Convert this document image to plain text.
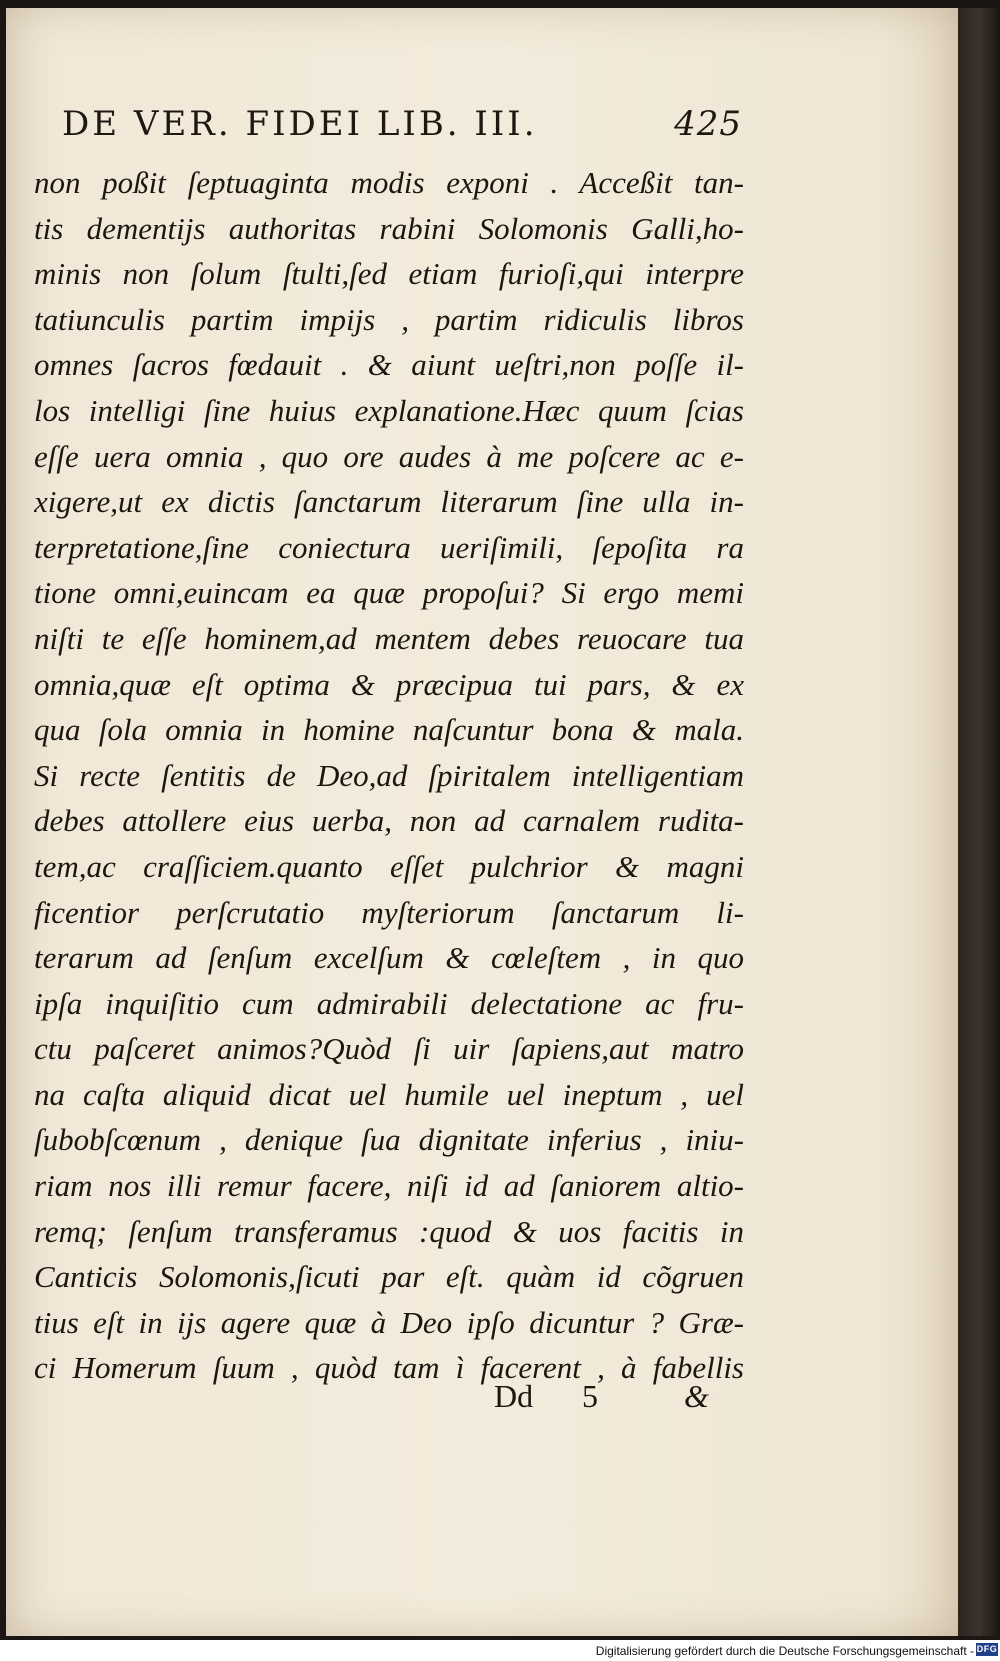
DE VER. FIDEI LIB. III.	425
non poßit ſeptuaginta modis exponi . Acceßit tan-
tis dementijs authoritas rabini Solomonis Galli,ho-
minis non ſolum ſtulti,ſed etiam furioſi,qui interpre
tatiunculis partim impijs , partim ridiculis libros
omnes ſacros fœdauit . & aiunt ueſtri,non poſſe il-
los intelligi ſine huius explanatione.Hæc quum ſcias
eſſe uera omnia , quo ore audes à me poſcere ac e-
xigere,ut ex dictis ſanctarum literarum ſine ulla in-
terpretatione,ſine coniectura ueriſimili, ſepoſita ra
tione omni,euincam ea quæ propoſui? Si ergo memi
niſti te eſſe hominem,ad mentem debes reuocare tua
omnia,quæ eſt optima & præcipua tui pars, & ex
qua ſola omnia in homine naſcuntur bona & mala.
Si recte ſentitis de Deo,ad ſpiritalem intelligentiam
debes attollere eius uerba, non ad carnalem rudita-
tem,ac craſſiciem.quanto eſſet pulchrior & magni
ficentior perſcrutatio myſteriorum ſanctarum li-
terarum ad ſenſum excelſum & cœleſtem , in quo
ipſa inquiſitio cum admirabili delectatione ac fru-
ctu paſceret animos?Quòd ſi uir ſapiens,aut matro
na caſta aliquid dicat uel humile uel ineptum , uel
ſubobſcœnum , denique ſua dignitate inferius , iniu-
riam nos illi remur facere, niſi id ad ſaniorem altio-
remq; ſenſum transferamus :quod & uos facitis in
Canticis Solomonis,ſicuti par eſt. quàm id cõgruen
tius eſt in ijs agere quæ à Deo ipſo dicuntur ? Græ-
ci Homerum ſuum , quòd tam ì facerent , à fabellis
Dd 5	&
Digitalisierung gefördert durch die Deutsche Forschungsgemeinschaft - DFG
